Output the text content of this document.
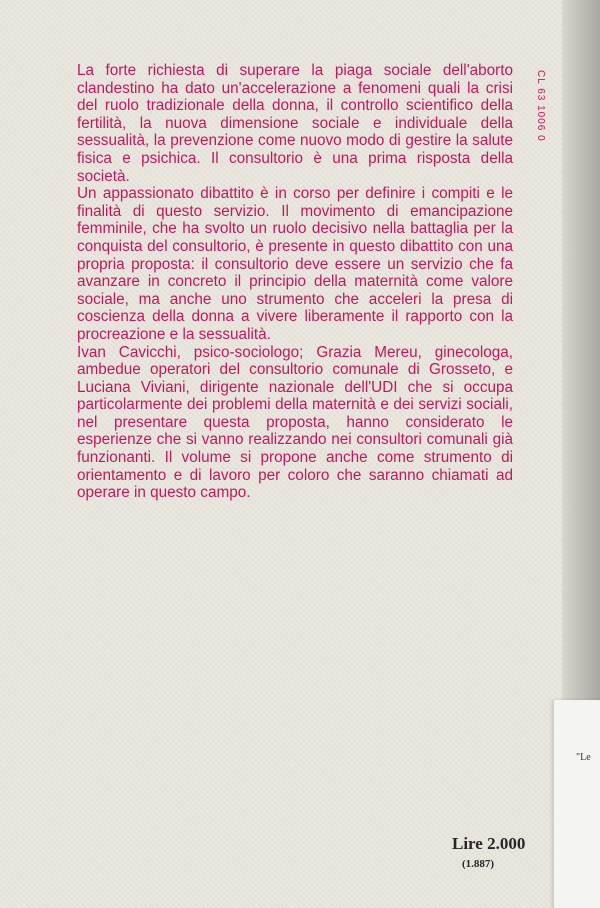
La forte richiesta di superare la piaga sociale dell'aborto clandestino ha dato un'accelerazione a fenomeni quali la crisi del ruolo tradizionale della donna, il controllo scientifico della fertilità, la nuova dimensione sociale e individuale della sessualità, la prevenzione come nuovo modo di gestire la salute fisica e psichica. Il consultorio è una prima risposta della società.

Un appassionato dibattito è in corso per definire i compiti e le finalità di questo servizio. Il movimento di emancipazione femminile, che ha svolto un ruolo decisivo nella battaglia per la conquista del consultorio, è presente in questo dibattito con una propria proposta: il consultorio deve essere un servizio che fa avanzare in concreto il principio della maternità come valore sociale, ma anche uno strumento che acceleri la presa di coscienza della donna a vivere liberamente il rapporto con la procreazione e la sessualità.

Ivan Cavicchi, psico-sociologo; Grazia Mereu, ginecologa, ambedue operatori del consultorio comunale di Grosseto, e Luciana Viviani, dirigente nazionale dell'UDI che si occupa particolarmente dei problemi della maternità e dei servizi sociali, nel presentare questa proposta, hanno considerato le esperienze che si vanno realizzando nei consultori comunali già funzionanti. Il volume si propone anche come strumento di orientamento e di lavoro per coloro che saranno chiamati ad operare in questo campo.

CL 63 1006 0
Lire 2.000
(1.887)
"Le
